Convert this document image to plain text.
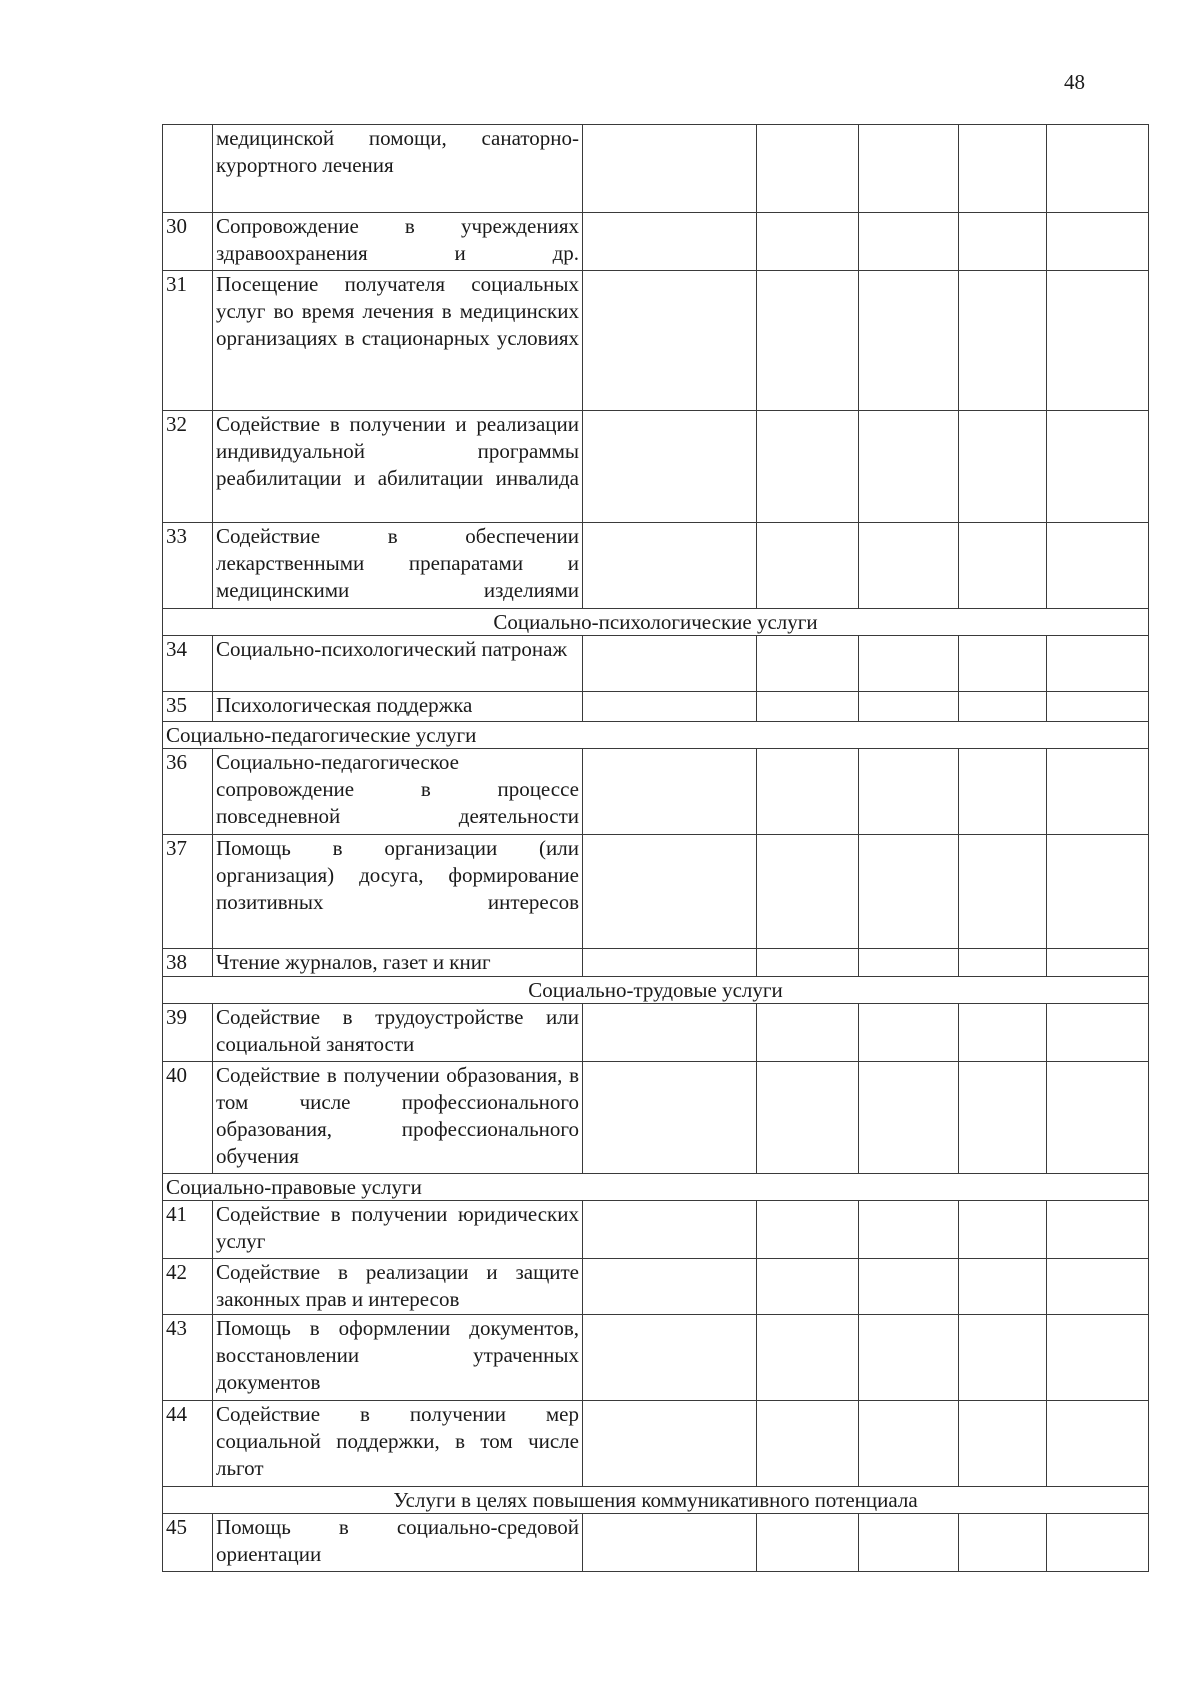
48
	медицинской помощи, санаторно-курортного лечения					
30	Сопровождение в учреждениях здравоохранения и др.					
31	Посещение получателя социальных услуг во время лечения в медицинских организациях в стационарных условиях					
32	Содействие в получении и реализации индивидуальной программы реабилитации и абилитации инвалида					
33	Содействие в обеспечении лекарственными препаратами и медицинскими изделиями					
Социально-психологические услуги						
34	Социально-психологический патронаж					
35	Психологическая поддержка					
Социально-педагогические услуги						
36	Социально-педагогическое сопровождение в процессе повседневной деятельности					
37	Помощь в организации (или организация) досуга, формирование позитивных интересов					
38	Чтение журналов, газет и книг					
Социально-трудовые услуги						
39	Содействие в трудоустройстве или социальной занятости					
40	Содействие в получении образования, в том числе профессионального образования, профессионального обучения					
Социально-правовые услуги						
41	Содействие в получении юридических услуг					
42	Содействие в реализации и защите законных прав и интересов					
43	Помощь в оформлении документов, восстановлении утраченных документов					
44	Содействие в получении мер социальной поддержки, в том числе льгот					
Услуги в целях повышения коммуникативного потенциала						
45	Помощь в социально-средовой ориентации					
